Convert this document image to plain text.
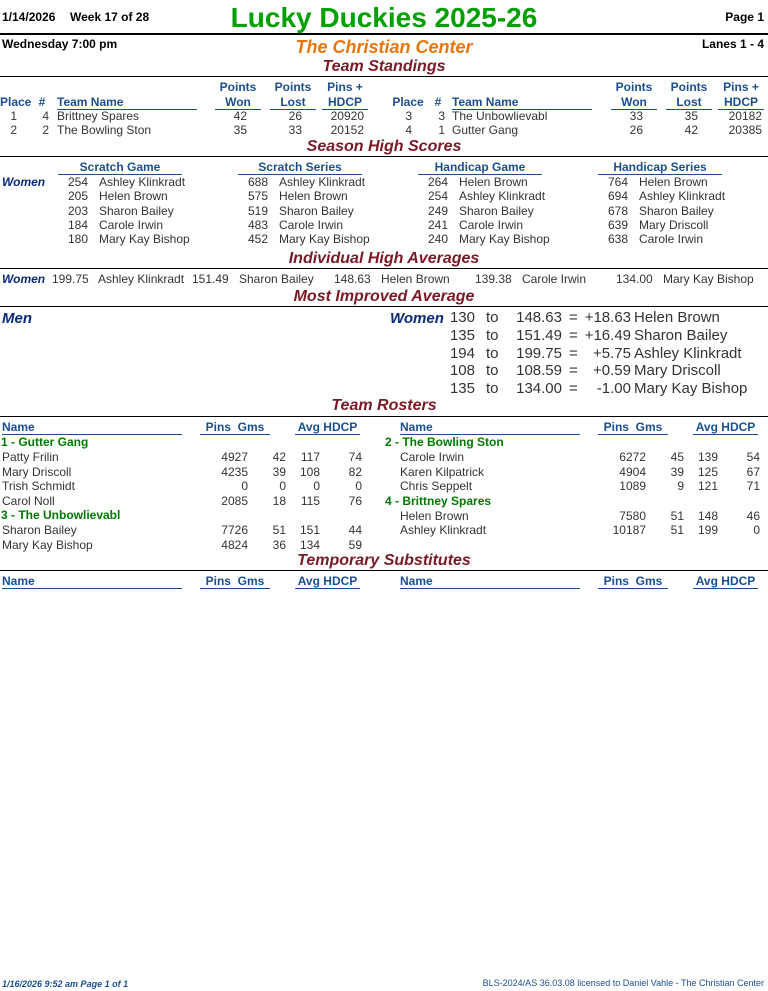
1/14/2026 Week 17 of 28	Lucky Duckies 2025-26	Page 1
Wednesday 7:00 pm	The Christian Center	Lanes 1 - 4
Team Standings
Place # Team Name
Points
Won
Points
Lost
Pins +
HDCP	Place # Team Name
Points
Won
Points
Lost
Pins +
HDCP
1	4 Brittney Spares	42	26	20920
2	2 The Bowling Ston	35	33	20152
3	3 The Unbowlievabl	33	35	20182
4	1 Gutter Gang	26	42	20385
Season High Scores
Women
Scratch Game
254 Ashley Klinkradt
205 Helen Brown
203 Sharon Bailey
184 Carole Irwin
180 Mary Kay Bishop
Scratch Series
688 Ashley Klinkradt
575 Helen Brown
519 Sharon Bailey
483 Carole Irwin
452 Mary Kay Bishop
Handicap Game
264 Helen Brown
254 Ashley Klinkradt
249 Sharon Bailey
241 Carole Irwin
240 Mary Kay Bishop
Handicap Series
764 Helen Brown
694 Ashley Klinkradt
678 Sharon Bailey
639 Mary Driscoll
638 Carole Irwin
Individual High Averages
Women 199.75 Ashley Klinkradt 151.49 Sharon Bailey 148.63 Helen Brown 139.38 Carole Irwin 134.00 Mary Kay Bishop
Most Improved Average
Men	Women 130 to	148.63 = +18.63 Helen Brown
135 to	151.49 = +16.49 Sharon Bailey
194 to	199.75 =	+5.75 Ashley Klinkradt
108 to	108.59 =	+0.59 Mary Driscoll
135 to	134.00 =	-1.00 Mary Kay Bishop
Team Rosters
Name	Pins Gms	Avg HDCP	Name	Pins Gms	Avg HDCP
1 - Gutter Gang
Patty Frilin	4927	42	117	74
Mary Driscoll	4235	39	108	82
Trish Schmidt	0	0	0	0
Carol Noll	2085	18	115	76
3 - The Unbowlievabl
Sharon Bailey	7726	51	151	44
Mary Kay Bishop	4824	36	134	59
2 - The Bowling Ston
Carole Irwin	6272	45	139	54
Karen Kilpatrick	4904	39	125	67
Chris Seppelt	1089	9	121	71
4 - Brittney Spares
Helen Brown	7580	51	148	46
Ashley Klinkradt	10187	51	199	0
Temporary Substitutes
Name	Pins Gms	Avg HDCP	Name	Pins Gms	Avg HDCP
1/16/2026 9:52 am Page 1 of 1	BLS-2024/AS 36.03.08 licensed to Daniel Vahle - The Christian Center
